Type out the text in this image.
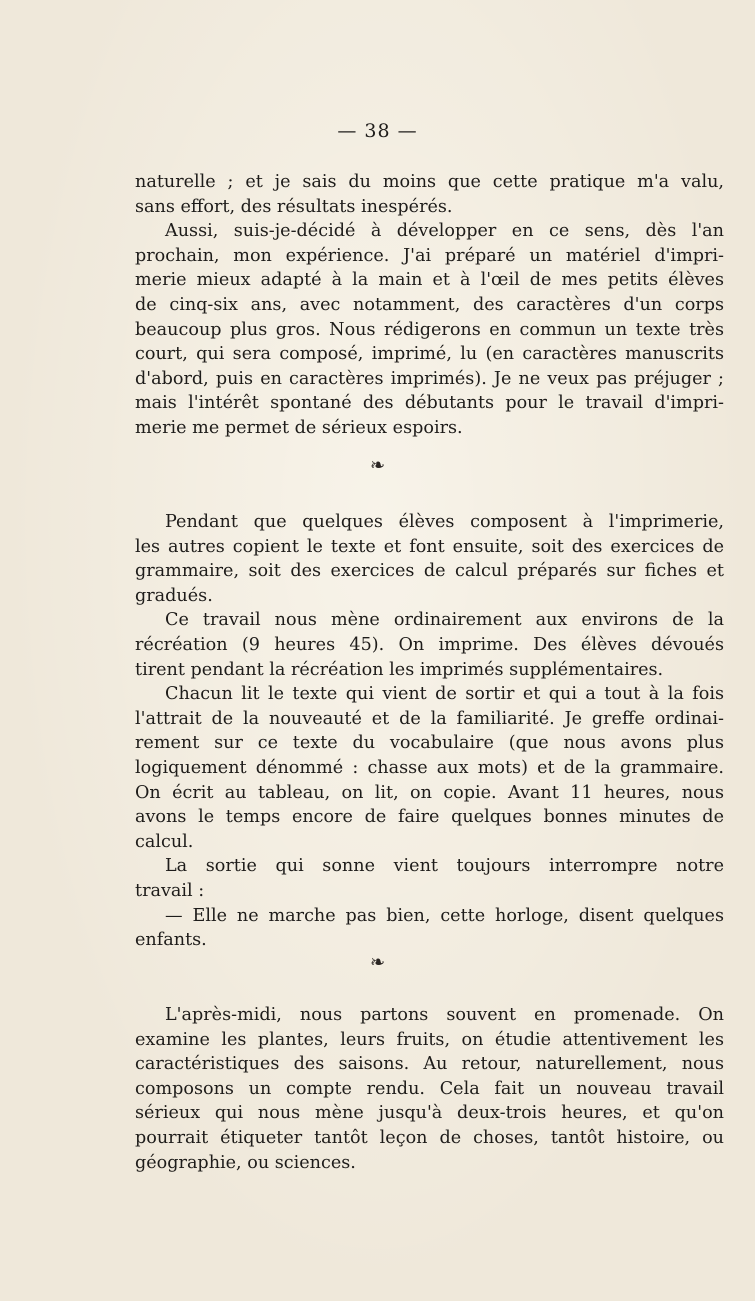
— 38 —
naturelle ; et je sais du moins que cette pratique m'a valu,
sans effort, des résultats inespérés.
Aussi, suis-je-décidé à développer en ce sens, dès l'an
prochain, mon expérience. J'ai préparé un matériel d'impri-
merie mieux adapté à la main et à l'œil de mes petits élèves
de cinq-six ans, avec notamment, des caractères d'un corps
beaucoup plus gros. Nous rédigerons en commun un texte très
court, qui sera composé, imprimé, lu (en caractères manuscrits
d'abord, puis en caractères imprimés). Je ne veux pas préjuger ;
mais l'intérêt spontané des débutants pour le travail d'impri-
merie me permet de sérieux espoirs.
❧
Pendant que quelques élèves composent à l'imprimerie,
les autres copient le texte et font ensuite, soit des exercices de
grammaire, soit des exercices de calcul préparés sur fiches et
gradués.
Ce travail nous mène ordinairement aux environs de la
récréation (9 heures 45). On imprime. Des élèves dévoués
tirent pendant la récréation les imprimés supplémentaires.
Chacun lit le texte qui vient de sortir et qui a tout à la fois
l'attrait de la nouveauté et de la familiarité. Je greffe ordinai-
rement sur ce texte du vocabulaire (que nous avons plus
logiquement dénommé : chasse aux mots) et de la grammaire.
On écrit au tableau, on lit, on copie. Avant 11 heures, nous
avons le temps encore de faire quelques bonnes minutes de
calcul.
La sortie qui sonne vient toujours interrompre notre
travail :
— Elle ne marche pas bien, cette horloge, disent quelques
enfants.
❧
L'après-midi, nous partons souvent en promenade. On
examine les plantes, leurs fruits, on étudie attentivement les
caractéristiques des saisons. Au retour, naturellement, nous
composons un compte rendu. Cela fait un nouveau travail
sérieux qui nous mène jusqu'à deux-trois heures, et qu'on
pourrait étiqueter tantôt leçon de choses, tantôt histoire, ou
géographie, ou sciences.
